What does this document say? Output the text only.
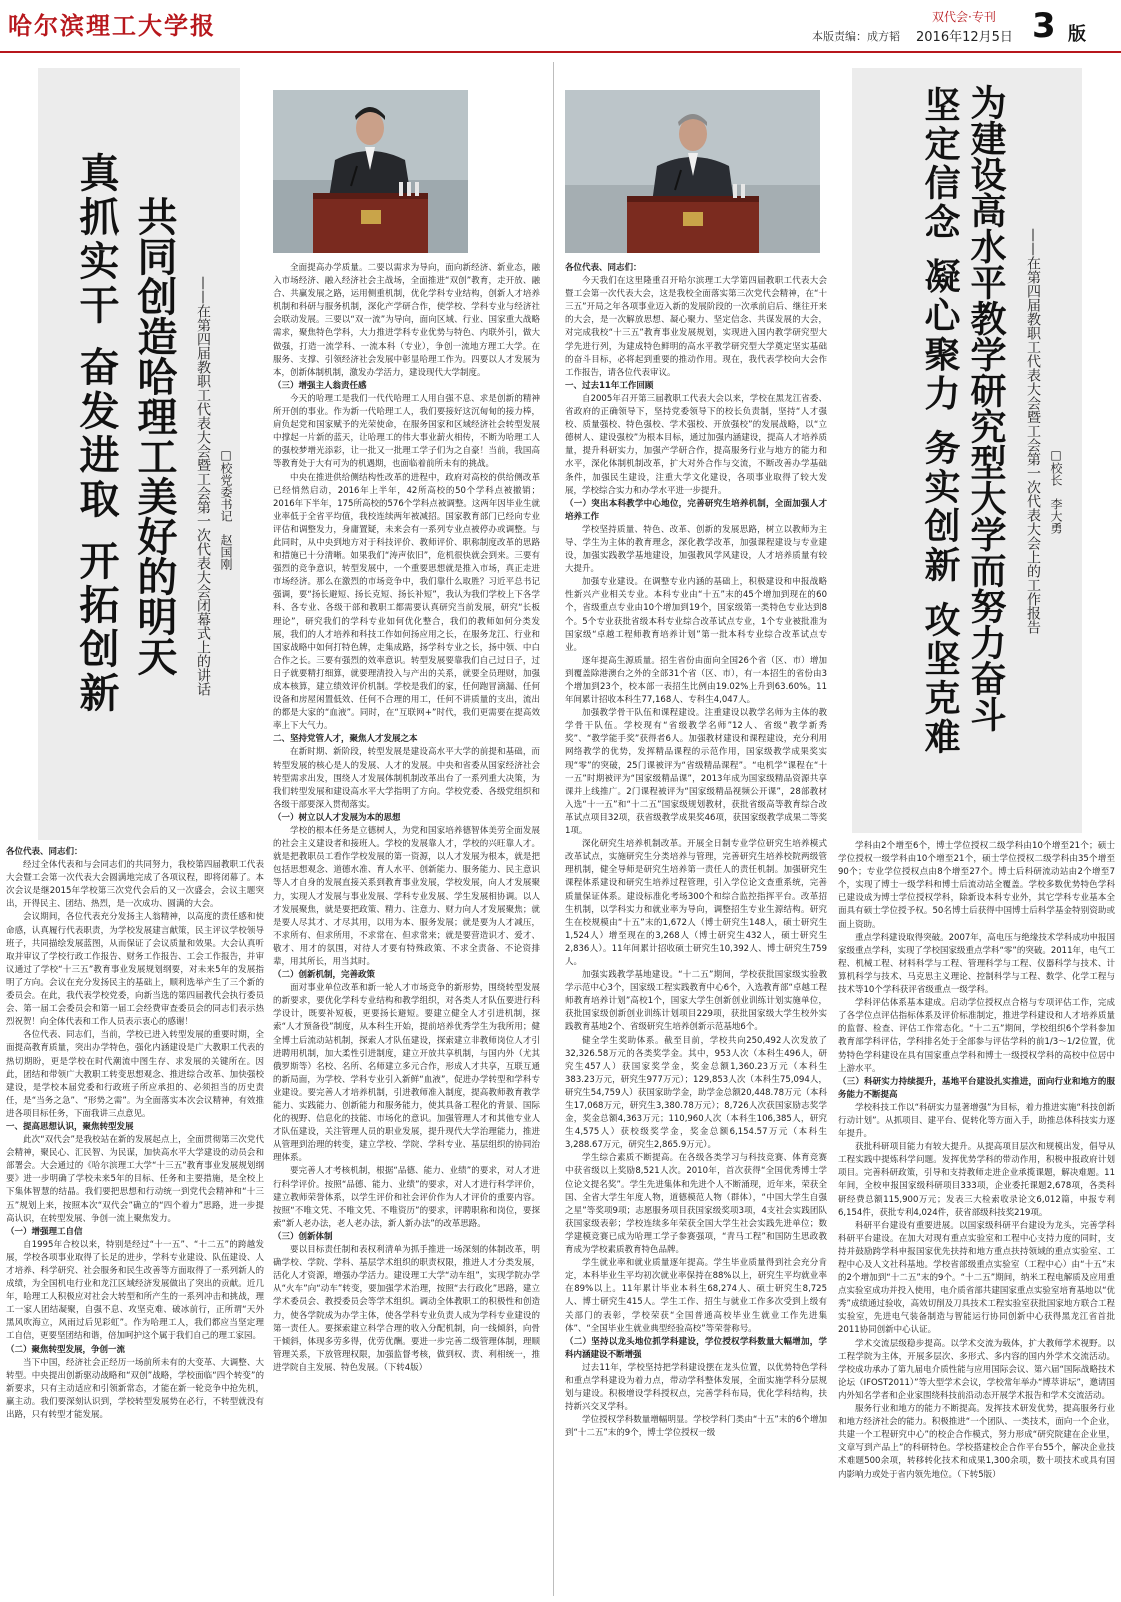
哈尔滨理工大学报	本版责编：成方韬
双代会·专刊
2016年12月5日 3 版
真抓实干 奋发进取 开拓创新 共同创造哈理工美好的明天 ——在第四届教职工代表大会暨工会第一次代表大会闭幕式上的讲话 □校党委书记　赵国刚	坚定信念 凝心聚力 务实创新 攻坚克难 为建设高水平教学研究型大学而努力奋斗 ——在第四届教职工代表大会暨工会第一次代表大会上的工作报告 □校长　李大勇

各位代表、同志们：

经过全体代表和与会同志们的共同努力，我校第四届教职工代表大会暨工会第一次代表大会圆满地完成了各项议程，即将闭幕了。本次会议是继2015年学校第三次党代会后的又一次盛会，会议主题突出，开得民主、团结、热烈，是一次成功、圆满的大会。

会议期间，各位代表充分发扬主人翁精神，以高度的责任感和使命感，认真履行代表职责，为学校发展建言献策，民主评议学校领导班子，共同描绘发展蓝图，从而保证了会议质量和效果。大会认真听取并审议了学校行政工作报告、财务工作报告、工会工作报告，并审议通过了学校“十三五”教育事业发展规划纲要，对未来5年的发展指明了方向。会议在充分发扬民主的基础上，顺利选举产生了三个新的委员会。在此，我代表学校党委，向新当选的第四届教代会执行委员会、第一届工会委员会和第一届工会经费审查委员会的同志们表示热烈祝贺！向全体代表和工作人员表示衷心的感谢！

各位代表、同志们，当前，学校已进入转型发展的重要时期，全面提高教育质量，突出办学特色，强化内涵建设是广大教职工代表的热切期盼，更是学校在时代潮流中图生存、求发展的关键所在。因此，团结和带领广大教职工转变思想观念、推进综合改革、加快强校建设，是学校本届党委和行政班子所应承担的、必须担当的历史责任，是“当务之急”、“形势之需”。为全面落实本次会议精神，有效推进各项目标任务，下面我讲三点意见。

一、提高思想认识，聚焦转型发展

此次“双代会”是我校站在新的发展起点上，全面贯彻第三次党代会精神，聚民心、汇民智、为民谋，加快高水平大学建设的动员会和部署会。大会通过的《哈尔滨理工大学“十三五”教育事业发展规划纲要》进一步明确了学校未来5年的目标、任务和主要措施，是全校上下集体智慧的结晶。我们要把思想和行动统一到党代会精神和“十三五”规划上来，按照本次“双代会”确立的“四个着力”思路，进一步提高认识，在转型发展、争创一流上聚焦发力。

（一）增强理工自信

自1995年合校以来，特别是经过“十一五”、“十二五”的跨越发展，学校各项事业取得了长足的进步，学科专业建设、队伍建设、人才培养、科学研究、社会服务和民生改善等方面取得了一系列新人的成绩，为全国机电行业和龙江区域经济发展做出了突出的贡献。近几年，哈理工人积极应对社会大转型和所产生的一系列冲击和挑战，理工一家人团结凝聚，自强不息、攻坚克难、破冰前行，正所谓“天外黑风吹海立，风雨过后见彩虹”。作为哈理工人，我们都应当坚定理工自信，更要坚团结和谐，倍加呵护这个属于我们自己的理工家园。

（二）聚焦转型发展，争创一流

当下中国，经济社会正经历一场前所未有的大变革、大调整、大转型。中央提出创新驱动战略和“双创”战略，学校面临“四个转变”的新要求，只有主动适应和引领新常态，才能在新一轮竞争中抢先机，赢主动。我们要深刻认识到，学校转型发展势在必行，不转型就没有出路，只有转型才能发展。

全面提高办学质量。二要以需求为导向，面向新经济、新业态，融入市场经济、融入经济社会主战场，全面推进“双创”教育，走开放、融合、共赢发展之路，运用侧重机制，优化学科专业结构，创新人才培养机制和科研与服务机制，深化产学研合作，使学校、学科专业与经济社会联动发展。三要以“双一流”为导向，面向区域、行业、国家重大战略需求，聚焦特色学科，大力推进学科专业优势与特色、内联外引，做大做强，打造一流学科、一流本科（专业），争创一流地方理工大学。在服务、支撑、引领经济社会发展中彰显哈理工作为。四要以人才发展为本，创新体制机制，激发办学活力，建设现代大学制度。

（三）增强主人翁责任感

今天的哈理工是我们一代代哈理工人用自强不息、求是创新的精神所开创的事业。作为新一代哈理工人，我们要接好这沉甸甸的接力棒，肩负起党和国家赋予的光荣使命，在服务国家和区域经济社会转型发展中撑起一片新的蓝天，让哈理工的伟大事业薪火相传，不断为哈理工人的强校梦增光添彩，让一批又一批理工学子们为之自豪！当前，我国高等教育处于大有可为的机遇期，也面临着前所未有的挑战。

中央在推进供给侧结构性改革的进程中，政府对高校的供给侧改革已经悄然启动，2016年上半年，42所高校的50个学科点被撤销；2016年下半年，175所高校的576个学科点被调整。这两年因毕业生就业率低于全省平均值，我校连续两年被减招。国家教育部门已经向专业评估和调整发力，身庸置疑，未来会有一系列专业点被停办或调整。与此同时，从中央到地方对于科技评价、教师评价、职称制度改革的思路和措施已十分清晰。如果我们“涛声依旧”，危机很快就会到来。三要有强烈的竞争意识，转型发展中，一个重要思想就是推入市场，真正走进市场经济。那么在激烈的市场竞争中，我们靠什么取胜？习近平总书记强调，要“扬长避短、扬长克短、扬长补短”，我认为我们学校上下各学科、各专业、各级干部和教职工都需要认真研究当前发展，研究“长板理论”，研究我们的学科专业如何优化整合，我们的教师如何分类发展，我们的人才培养和科技工作如何扬应用之长，在服务龙江、行业和国家战略中如何打特色牌，走集成路，扬学科专业之长，扬中领、中白合作之长。三要有强烈的效率意识。转型发展要靠我们自己过日子，过日子就要精打细算，就要理清投入与产出的关系，就要全员理财，加强成本核算，建立绩效评价机制。学校是我们的家，任何跑冒滴漏、任何设备和房屋闲置低效、任何不合理的用工，任何不讲质量的支出，流出的都是大家的“血液”。同时，在“互联网+”时代，我们更需要在提高效率上下大气力。

二、坚持党管人才，聚焦人才发展之本

在新时期、新阶段，转型发展是建设高水平大学的前提和基础，而转型发展的核心是人的发展、人才的发展。中央和省委从国家经济社会转型需求出发，围绕人才发展体制机制改革出台了一系列重大决策，为我们转型发展和建设高水平大学指明了方向。学校党委、各级党组织和各级干部要深入贯彻落实。

（一）树立以人才发展为本的思想

学校的根本任务是立德树人，为党和国家培养德智体美劳全面发展的社会主义建设者和接班人。学校的发展靠人才，学校的兴旺靠人才。就是把教职员工看作学校发展的第一资源，以人才发展为根本，就是把包括思想观念、道德水准、育人水平、创新能力、服务能力、民主意识等人才自身的发展直接关系到教育事业发展，学校发展，向人才发展聚力，实现人才发展与事业发展、学科专业发展、学生发展相协调。以人才发展聚焦，就是要把政策、精力、注意力、财力向人才发展聚焦；就是要人尽其才、才尽其用，以用为本、服务发展；就是要为人才减压，不求所有、但求所用，不求常在、但求常来；就是要营造识才、爱才、敬才、用才的氛围，对待人才要有特殊政策、不求全责备、不论资排辈，用其所长，用当其时。

（二）创新机制，完善政策

面对事业单位改革和新一轮人才市场竞争的新形势，围绕转型发展的新要求，要优化学科专业结构和教学组织，对各类人才队伍要进行科学设计，既要补短板，更要扬长避短。要建立健全人才引进机制，探索“人才预备役”制度，从本科生开始，提前培养优秀学生为我所用；健全博士后流动站机制，探索人才队伍建设，探索建立非教师岗位人才引进聘用机制，加大柔性引进制度，建立开放共享机制，与国内外（尤其俄罗斯等）名校、名所、名师建立多元合作，形成人才共享，互联互通的新局面，为学校、学科专业引入新鲜“血液”，促进办学转型和学科专业建设。要完善人才培养机制，引进教师准入制度，提高教师教育教学能力、实践能力、创新能力和服务能力，使其具备工程化的背景、国际化的视野、信息化的技能、市场化的意识。加强管理人才和其他专业人才队伍建设，关注管理人员的职业发展，提升现代大学治理能力，推进从管理到治理的转变，建立学校、学院、学科专业、基层组织的协同治理体系。

要完善人才考核机制，根据“品德、能力、业绩”的要求，对人才进行科学评价。按照“品德、能力、业绩”的要求，对人才进行科学评价，建立教师荣誉体系，以学生评价和社会评价作为人才评价的重要内容。按照“不唯文凭、不唯文凭、不唯资历”的要求，评聘职称和岗位，要探索“新人老办法，老人老办法，新人新办法”的改革思路。

（三）创新体制

要以目标责任制和表权利清单为抓手推进一场深刻的体制改革，明确学校、学院、学科、基层学术组织的职责权限，推进人才分类发展，活化人才资源，增强办学活力。建设理工大学“动车组”，实现学院办学从“火车”向“动车”转变，要加强学术治理，按照“去行政化”思路，建立学术委员会、教授委员会等学术组织。调动全体教职工的积极性和创造力，使各学院成为办学主体，使各学科专业负责人成为学科专业建设的第一责任人。要探索建立科学合理的收入分配机制，向一线倾斜，向骨干倾斜，体现多劳多得，优劳优酬。要进一步完善二级管理体制，理顺管理关系，下放管理权限，加强监督考核，做到权、责、利相统一，推进学院自主发展、特色发展。（下转4版）

各位代表、同志们：

今天我们在这里隆重召开哈尔滨理工大学第四届教职工代表大会暨工会第一次代表大会，这是我校全面落实第三次党代会精神，在“十三五”开局之年各项事业迈入新的发展阶段的一次承前启后、继往开来的大会，是一次解放思想、凝心聚力、坚定信念、共谋发展的大会，对完成我校“十三五”教育事业发展规划，实现进入国内教学研究型大学先进行列，为建成特色鲜明的高水平教学研究型大学奠定坚实基础的奋斗目标，必将起到重要的推动作用。现在，我代表学校向大会作工作报告，请各位代表审议。

一、过去11年工作回顾

自2005年召开第三届教职工代表大会以来，学校在黑龙江省委、省政府的正确领导下，坚持党委领导下的校长负责制，坚持“人才强校、质量强校、特色强校、学术强校、开放强校”的发展战略，以“立德树人、建设强校”为根本目标，通过加强内涵建设，提高人才培养质量，提升科研实力，加强产学研合作，提高服务行业与地方的能力和水平，深化体制机制改革，扩大对外合作与交流，不断改善办学基础条件，加强民生建设，注重大学文化建设，各项事业取得了较大发展，学校综合实力和办学水平进一步提升。

（一）突出本科教学中心地位，完善研究生培养机制，全面加强人才培养工作

学校坚持质量、特色、改革、创新的发展思路，树立以教师为主导、学生为主体的教育理念，深化教学改革，加强课程建设与专业建设，加强实践教学基地建设，加强教风学风建设，人才培养质量有较大提升。

加强专业建设。在调整专业内涵的基础上，积极建设和申报战略性新兴产业相关专业。本科专业由“十五”末的45个增加到现在的60个，省级重点专业由10个增加到19个，国家级第一类特色专业达到8个。5个专业获批省级本科专业综合改革试点专业，1个专业被批准为国家级“卓越工程师教育培养计划”第一批本科专业综合改革试点专业。

逐年提高生源质量。招生省份由面向全国26个省（区、市）增加到覆盖除港澳台之外的全部31个省（区、市），有一本招生的省份由3个增加到23个，校本部一表招生比例由19.02%上升到63.60%。11年间累计招收本科生77,168人、专科生4,047人。

加强教学骨干队伍和课程建设。注重建设以教学名师为主体的教学骨干队伍。学校现有“省级教学名师”12人、省级“教学新秀奖”、“教学能手奖”获得者6人。加强教材建设和课程建设，充分利用网络教学的优势，发挥精品课程的示范作用，国家级教学成果奖实现“零”的突破，25门课被评为“省级精品课程”。“电机学”课程在“十一五”时期被评为“国家级精品课”，2013年成为国家级精品资源共享课并上线推广。2门课程被评为“国家级精品视频公开课”，28部教材入选“十一五”和“十二五”国家级规划教材，获批省级高等教育综合改革试点项目32项，获省级教学成果奖46项，获国家级教学成果二等奖1项。

深化研究生培养机制改革。开展全日制专业学位研究生培养模式改革试点，实施研究生分类培养与管理，完善研究生培养校院两级管理机制，健全导师是研究生培养第一责任人的责任机制。加强研究生课程体系建设和研究生培养过程管理，引入学位论文查重系统，完善质量保证体系。建设标准化考场300个和综合监控指挥平台。改革招生机制，以学科实力和就业率为导向，调整招生专业生源结构。研究生在校规模由“十五”末的1,672人（博士研究生148人，硕士研究生1,524人）增至现在的3,268人（博士研究生432人，硕士研究生2,836人）。11年间累计招收硕士研究生10,392人、博士研究生759人。

加强实践教学基地建设。“十二五”期间，学校获批国家级实验教学示范中心3个，国家级工程实践教育中心6个，入选教育部“卓越工程师教育培养计划”高校1个，国家大学生创新创业训练计划实施单位，获批国家级创新创业训练计划项目229项，获批国家级大学生校外实践教育基地2个、省级研究生培养创新示范基地6个。

健全学生奖助体系。截至目前，学校共向250,492人次发放了32,326.58万元的各类奖学金。其中，953人次（本科生496人，研究生457人）获国家奖学金，奖金总额1,360.23万元（本科生383.23万元，研究生977万元）；129,853人次（本科生75,094人，研究生54,759人）获国家助学金，助学金总额20,448.78万元（本科生17,068万元，研究生3,380.78万元）；8,726人次获国家励志奖学金，奖金总额4,363万元；110,960人次（本科生106,385人，研究生4,575人）获校级奖学金，奖金总额6,154.57万元（本科生3,288.67万元，研究生2,865.9万元）。

学生综合素质不断提高。在各级各类学习与科技竞赛、体育竞赛中获省级以上奖励8,521人次。2010年，首次获得“全国优秀博士学位论文提名奖”。学生先进集体和先进个人不断涌现，近年来，荣获全国、全省大学生年度人物，道德模范人物（群体），“中国大学生自强之星”等奖项9项；志愿服务项目获国家级奖项3项，4支社会实践团队获国家级表彰；学校连续多年荣获全国大学生社会实践先进单位；数学建模竞赛已成为哈理工学子参赛强项，“青马工程”和国防生思政教育成为学校素质教育特色品牌。

学生就业率和就业质量逐年提高。学生毕业质量得到社会充分肯定，本科毕业生平均初次就业率保持在88%以上，研究生平均就业率在89%以上。11年累计毕业本科生68,274人、硕士研究生8,725人、博士研究生415人。学生工作、招生与就业工作多次受到上级有关部门的表彰，学校荣获“全国普通高校毕业生就业工作先进集体”、“全国毕业生就业典型经验高校”等荣誉称号。

（二）坚持以龙头地位抓学科建设，学位授权学科数量大幅增加，学科内涵建设不断增强

过去11年，学校坚持把学科建设摆在龙头位置，以优势特色学科和重点学科建设为着力点，带动学科整体发展，全面实施学科分层规划与建设。积极增设学科授权点，完善学科布局，优化学科结构，扶持新兴交叉学科。

学位授权学科数量增幅明显。学校学科门类由“十五”末的6个增加到“十二五”末的9个，博士学位授权一级

学科由2个增至6个，博士学位授权二级学科由10个增至21个；硕士学位授权一级学科由10个增至21个，硕士学位授权二级学科由35个增至90个；专业学位授权点由8个增至27个。博士后科研流动站由2个增至7个，实现了博士一级学科和博士后流动站全覆盖。学校多数优势特色学科已建设成为博士学位授权学科，除新设本科专业外，其它学科专业基本全面具有硕士学位授予权。50名博士后获得中国博士后科学基金特别资助或面上资助。

重点学科建设取得突破。2007年，高电压与绝缘技术学科成功申报国家级重点学科，实现了学校国家级重点学科“零”的突破。2011年，电气工程、机械工程、材料科学与工程、管理科学与工程、仪器科学与技术、计算机科学与技术、马克思主义理论、控制科学与工程、数学、化学工程与技术等10个学科获评省级重点一级学科。

学科评估体系基本建成。启动学位授权点合格与专项评估工作，完成了各学位点评估指标体系及评价标准制定，推进学科建设和人才培养质量的监督、检查、评估工作常态化。“十二五”期间，学校组织6个学科参加教育部学科评估，学科排名处于全部参与评估学科的前1/3～1/2位置，优势特色学科建设在具有国家重点学科和博士一级授权学科的高校中位居中上游水平。

（三）科研实力持续提升，基地平台建设扎实推进，面向行业和地方的服务能力不断提高

学校科技工作以“科研实力显著增强”为目标，着力推进实施“科技创新行动计划”。从抓项目、建平台、促转化等方面入手，助推总体科技实力逐年提升。

获批科研项目能力有较大提升。从提高项目层次和规模出发，倡导从工程实践中提炼科学问题。发挥优势学科的带动作用，积极申报政府计划项目。完善科研政策，引导和支持教师走进企业承揽课题，解决难题。11年间，全校申报国家级科研项目333项，企业委托课题2,678项，各类科研经费总额115,900万元；发表三大检索收录论文6,012篇，申报专利6,154件，获批专利4,024件，获省部级科技奖219项。

科研平台建设有重要进展。以国家级科研平台建设为龙头，完善学科科研平台建设。在加大对现有重点实验室和工程中心支持力度的同时，支持并鼓励跨学科申报国家优先扶持和地方重点扶持领域的重点实验室、工程中心及人文社科基地。学校省部级重点实验室（工程中心）由“十五”末的2个增加到“十二五”末的9个。“十二五”期间，纳米工程电解质及应用重点实验室成功并投入使用，电介质省部共建国家重点实验室培育基地以“优秀”成绩通过验收，高效切削及刀具技术工程实验室获批国家地方联合工程实验室，先进电气装备制造与智能运行协同创新中心获得黑龙江省首批2011协同创新中心认证。

学术交流层级稳步提高。以学术交流为载体，扩大教师学术视野。以工程学院为主体，开展多层次、多形式、多内容的国内外学术交流活动。学校成功承办了第九届电介质性能与应用国际会议、第六届“国际战略技术论坛（IFOST2011）”等大型学术会议，学校常年举办“博萃讲坛”，邀请国内外知名学者和企业家围绕科技前沿动态开展学术报告和学术交流活动。

服务行业和地方的能力不断提高。发挥技术研发优势，提高服务行业和地方经济社会的能力。积极推进“一个团队、一类技术，面向一个企业，共建一个工程研究中心”的校企合作模式，努力形成“研究院建在企业里，文章写到产品上”的科研特色。学校搭建校企合作平台55个，解决企业技术难题500余项，转移转化技术和成果1,300余项，数十项技术或具有国内影响力或处于省内领先地位。（下转5版）
